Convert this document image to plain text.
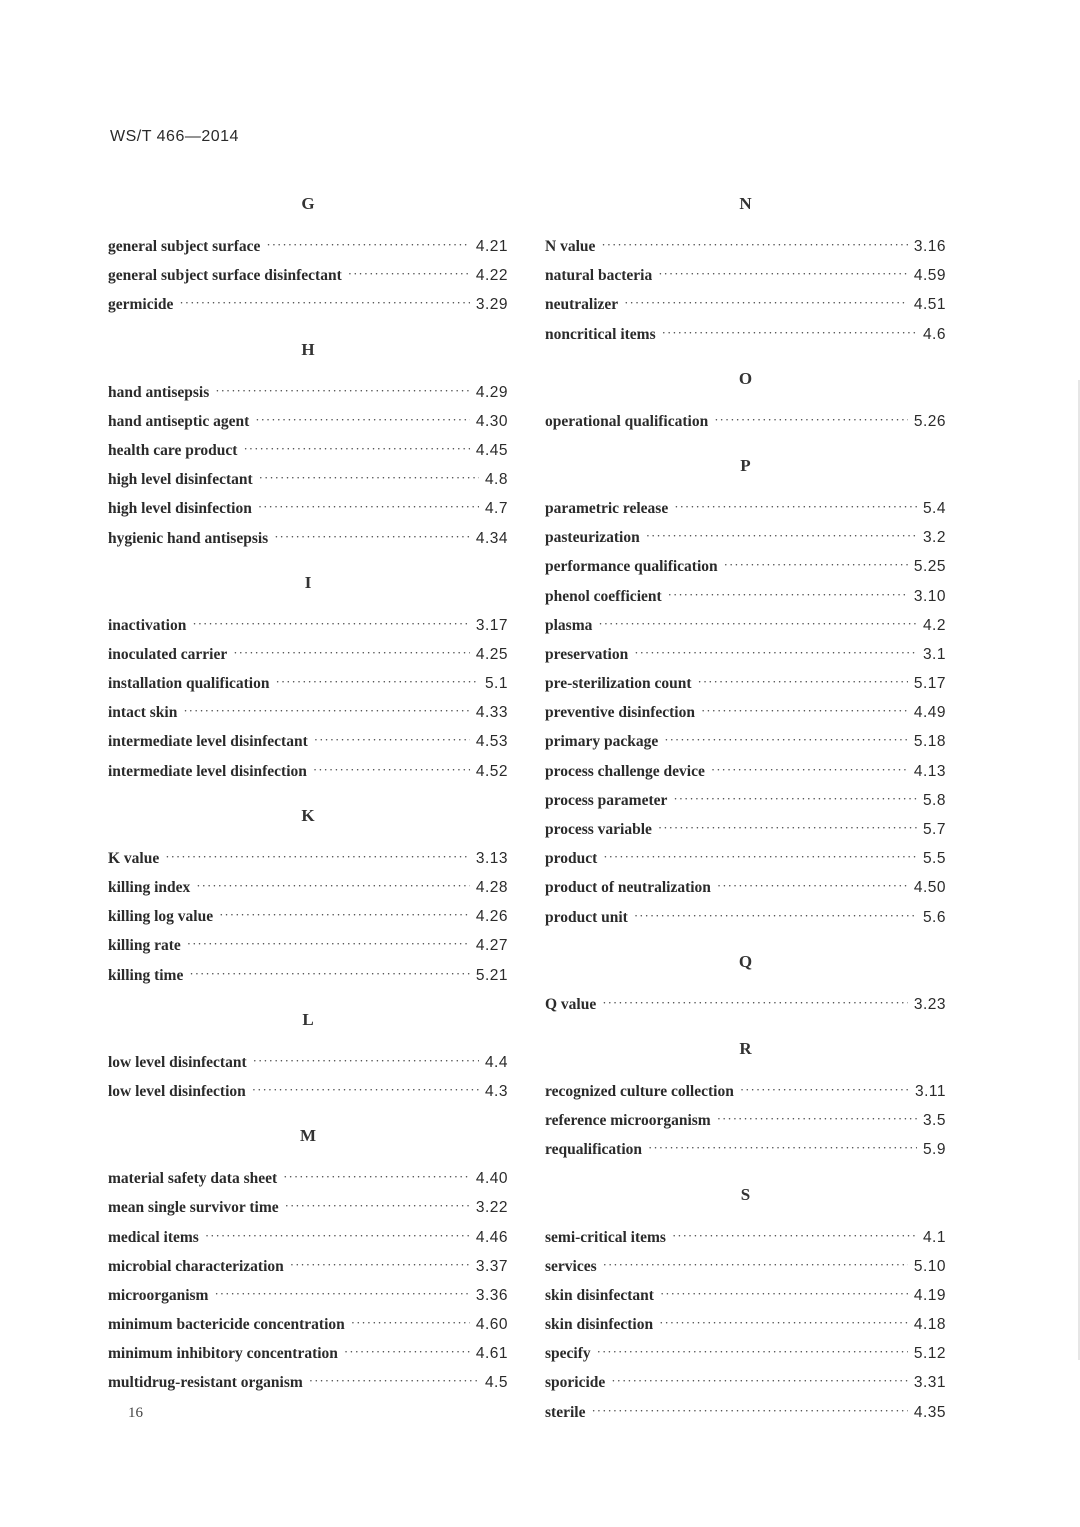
WS/T 466—2014
G
general subject surface ·····	4.21
general subject surface disinfectant ·····	4.22
germicide ·····	3.29
H
hand antisepsis ·····	4.29
hand antiseptic agent ·····	4.30
health care product ·····	4.45
high level disinfectant ·····	4.8
high level disinfection ·····	4.7
hygienic hand antisepsis ·····	4.34
I
inactivation ·····	3.17
inoculated carrier ·····	4.25
installation qualification ·····	5.1
intact skin ·····	4.33
intermediate level disinfectant ·····	4.53
intermediate level disinfection ·····	4.52
K
K value ·····	3.13
killing index ·····	4.28
killing log value ·····	4.26
killing rate ·····	4.27
killing time ·····	5.21
L
low level disinfectant ·····	4.4
low level disinfection ·····	4.3
M
material safety data sheet ·····	4.40
mean single survivor time ·····	3.22
medical items ·····	4.46
microbial characterization ·····	3.37
microorganism ·····	3.36
minimum bactericide concentration ·····	4.60
minimum inhibitory concentration ·····	4.61
multidrug-resistant organism ·····	4.5
N
N value ·····	3.16
natural bacteria ·····	4.59
neutralizer ·····	4.51
noncritical items ·····	4.6
O
operational qualification ·····	5.26
P
parametric release ·····	5.4
pasteurization ·····	3.2
performance qualification ·····	5.25
phenol coefficient ·····	3.10
plasma ·····	4.2
preservation ·····	3.1
pre-sterilization count ·····	5.17
preventive disinfection ·····	4.49
primary package ·····	5.18
process challenge device ·····	4.13
process parameter ·····	5.8
process variable ·····	5.7
product ·····	5.5
product of neutralization ·····	4.50
product unit ·····	5.6
Q
Q value ·····	3.23
R
recognized culture collection ·····	3.11
reference microorganism ·····	3.5
requalification ·····	5.9
S
semi-critical items ·····	4.1
services ·····	5.10
skin disinfectant ·····	4.19
skin disinfection ·····	4.18
specify ·····	5.12
sporicide ·····	3.31
sterile ·····	4.35
16
